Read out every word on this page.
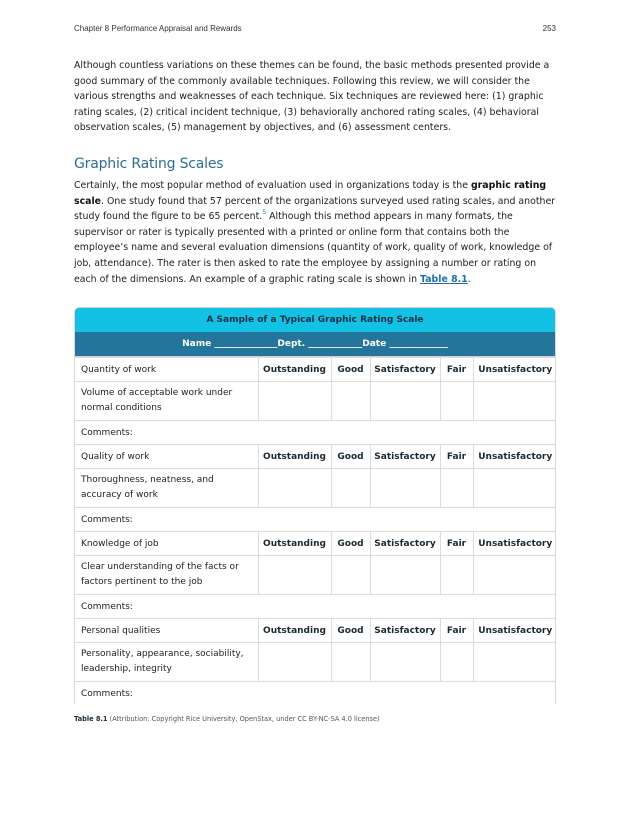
Chapter 8 Performance Appraisal and Rewards	253

Although countless variations on these themes can be found, the basic methods presented provide a good summary of the commonly available techniques. Following this review, we will consider the various strengths and weaknesses of each technique. Six techniques are reviewed here: (1) graphic rating scales, (2) critical incident technique, (3) behaviorally anchored rating scales, (4) behavioral observation scales, (5) management by objectives, and (6) assessment centers.

Graphic Rating Scales

Certainly, the most popular method of evaluation used in organizations today is the graphic rating scale. One study found that 57 percent of the organizations surveyed used rating scales, and another study found the figure to be 65 percent.$^5$ Although this method appears in many formats, the supervisor or rater is typically presented with a printed or online form that contains both the employee’s name and several evaluation dimensions (quantity of work, quality of work, knowledge of job, attendance). The rater is then asked to rate the employee by assigning a number or rating on each of the dimensions. An example of a graphic rating scale is shown in Table 8.1.

A Sample of a Typical Graphic Rating Scale
Name ______________ Dept. ____________ Date _____________
Quantity of work	Outstanding	Good	Satisfactory	Fair	Unsatisfactory
Volume of acceptable work under normal conditions					
Comments:					
Quality of work	Outstanding	Good	Satisfactory	Fair	Unsatisfactory
Thoroughness, neatness, and accuracy of work					
Comments:					
Knowledge of job	Outstanding	Good	Satisfactory	Fair	Unsatisfactory
Clear understanding of the facts or factors pertinent to the job					
Comments:					
Personal qualities	Outstanding	Good	Satisfactory	Fair	Unsatisfactory
Personality, appearance, sociability, leadership, integrity					
Comments:					
Table 8.1 (Attribution: Copyright Rice University, OpenStax, under CC BY-NC-SA 4.0 license)
